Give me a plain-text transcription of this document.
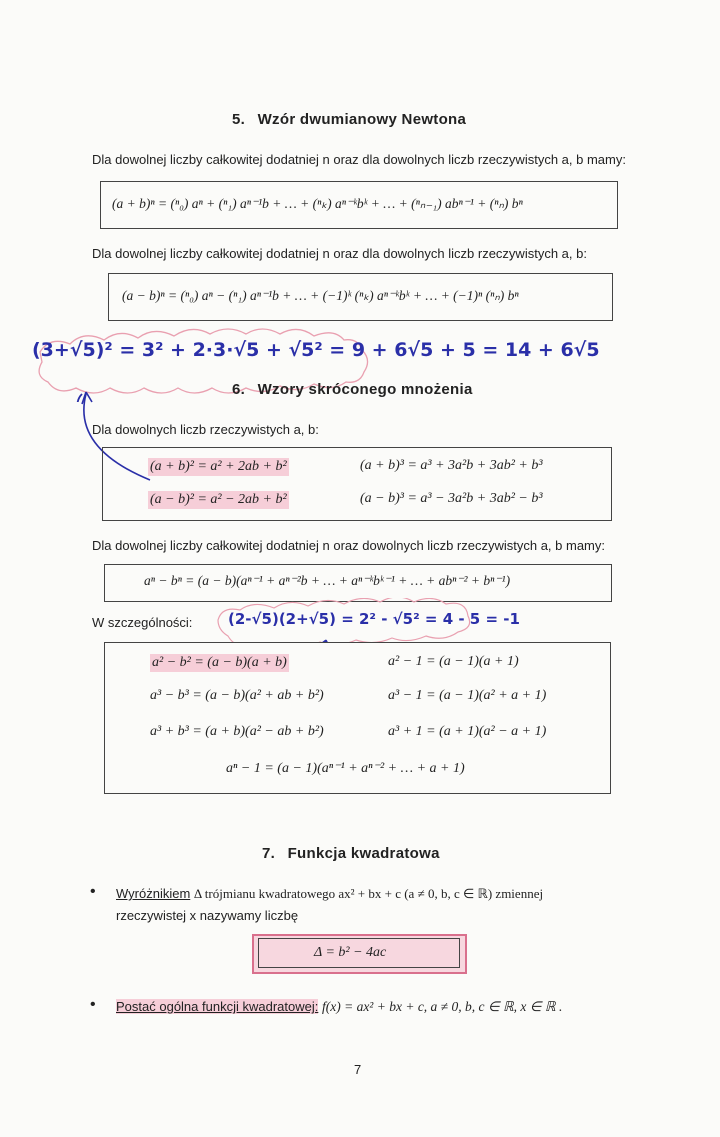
5. Wzór dwumianowy Newtona
Dla dowolnej liczby całkowitej dodatniej n oraz dla dowolnych liczb rzeczywistych a, b mamy:
(a + b)ⁿ = (ⁿ₀) aⁿ + (ⁿ₁) aⁿ⁻¹b + … + (ⁿₖ) aⁿ⁻ᵏbᵏ + … + (ⁿₙ₋₁) abⁿ⁻¹ + (ⁿₙ) bⁿ
Dla dowolnej liczby całkowitej dodatniej n oraz dla dowolnych liczb rzeczywistych a, b:
(a − b)ⁿ = (ⁿ₀) aⁿ − (ⁿ₁) aⁿ⁻¹b + … + (−1)ᵏ (ⁿₖ) aⁿ⁻ᵏbᵏ + … + (−1)ⁿ (ⁿₙ) bⁿ
(3+√5)² = 3² + 2·3·√5 + √5² = 9 + 6√5 + 5 = 14 + 6√5
6. Wzory skróconego mnożenia
Dla dowolnych liczb rzeczywistych a, b:
(a + b)² = a² + 2ab + b²	(a + b)³ = a³ + 3a²b + 3ab² + b³
(a − b)² = a² − 2ab + b²	(a − b)³ = a³ − 3a²b + 3ab² − b³
Dla dowolnej liczby całkowitej dodatniej n oraz dowolnych liczb rzeczywistych a, b mamy:
aⁿ − bⁿ = (a − b)(aⁿ⁻¹ + aⁿ⁻²b + … + aⁿ⁻ᵏbᵏ⁻¹ + … + abⁿ⁻² + bⁿ⁻¹)
W szczególności: (2-√5)(2+√5) = 2² - √5² = 4 - 5 = -1
a² − b² = (a − b)(a + b)	a² − 1 = (a − 1)(a + 1)
a³ − b³ = (a − b)(a² + ab + b²)	a³ − 1 = (a − 1)(a² + a + 1)
a³ + b³ = (a + b)(a² − ab + b²)	a³ + 1 = (a + 1)(a² − a + 1)
aⁿ − 1 = (a − 1)(aⁿ⁻¹ + aⁿ⁻² + … + a + 1)
7. Funkcja kwadratowa
• Wyróżnikiem Δ trójmianu kwadratowego ax² + bx + c (a ≠ 0, b, c ∈ ℝ) zmiennej
rzeczywistej x nazywamy liczbę
Δ = b² − 4ac
• Postać ogólna funkcji kwadratowej: f(x) = ax² + bx + c, a ≠ 0, b, c ∈ ℝ, x ∈ ℝ .
7
